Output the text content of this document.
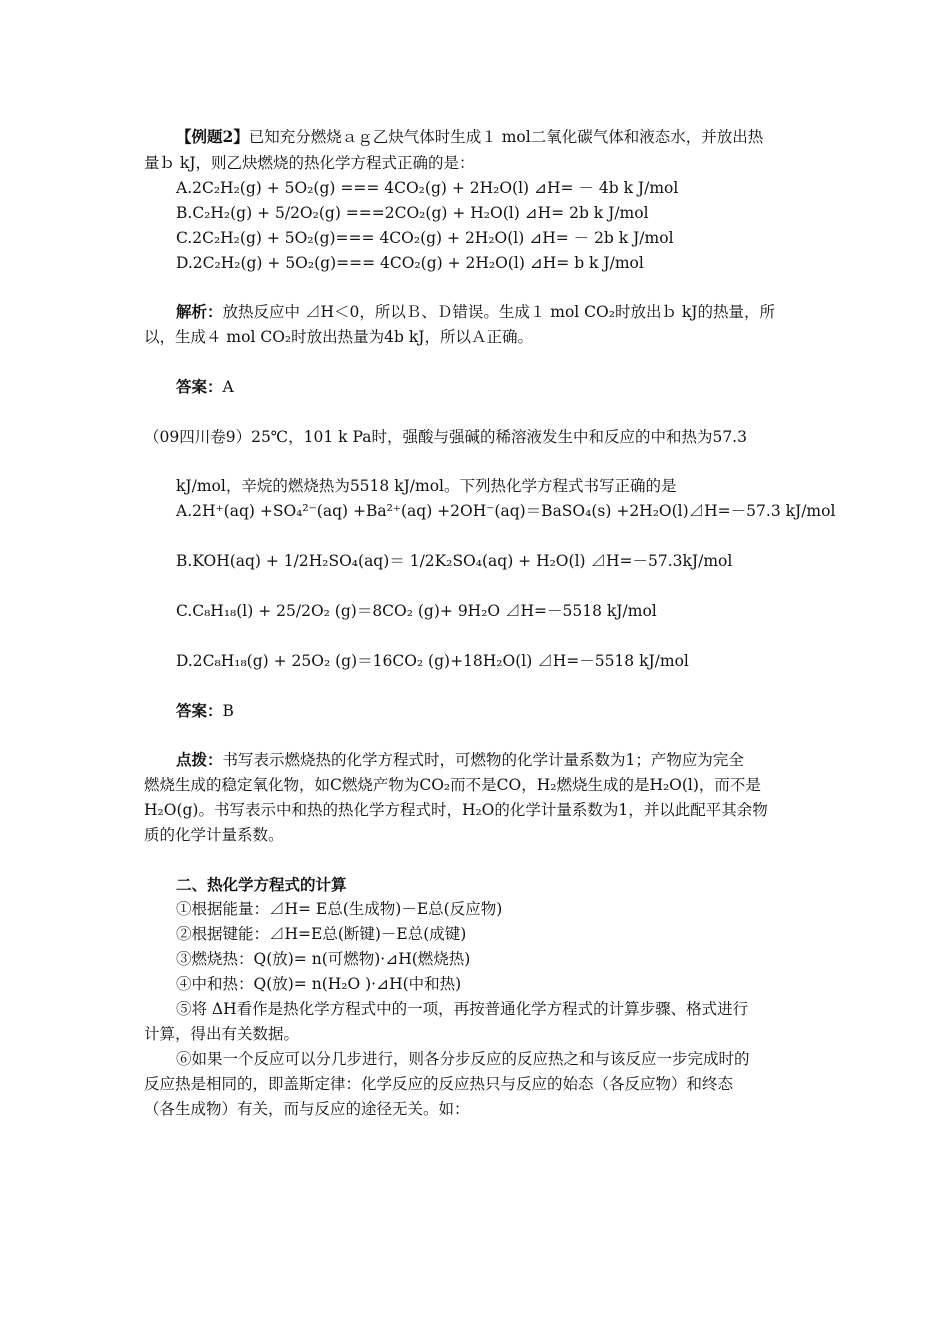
【例题2】已知充分燃烧ａｇ乙炔气体时生成１ mol二氧化碳气体和液态水，并放出热
量ｂ kJ，则乙炔燃烧的热化学方程式正确的是：
A.2C₂H₂(g) + 5O₂(g) === 4CO₂(g) + 2H₂O(l) ⊿H= － 4b k J/mol
B.C₂H₂(g) + 5/2O₂(g) ===2CO₂(g) + H₂O(l) ⊿H= 2b k J/mol
C.2C₂H₂(g) + 5O₂(g)=== 4CO₂(g) + 2H₂O(l) ⊿H= － 2b k J/mol
D.2C₂H₂(g) + 5O₂(g)=== 4CO₂(g) + 2H₂O(l) ⊿H= b k J/mol
解析：放热反应中 ⊿H＜0，所以Ｂ、Ｄ错误。生成１ mol CO₂时放出ｂ kJ的热量，所
以，生成４ mol CO₂时放出热量为4b kJ，所以Ａ正确。
答案：A
（09四川卷9）25℃，101 k Pa时，强酸与强碱的稀溶液发生中和反应的中和热为57.3
kJ/mol，辛烷的燃烧热为5518 kJ/mol。下列热化学方程式书写正确的是
A.2H⁺(aq) +SO₄²⁻(aq) +Ba²⁺(aq) +2OH⁻(aq)＝BaSO₄(s) +2H₂O(l)⊿H=－57.3 kJ/mol
B.KOH(aq) + 1/2H₂SO₄(aq)＝ 1/2K₂SO₄(aq) + H₂O(l) ⊿H=－57.3kJ/mol
C.C₈H₁₈(l) + 25/2O₂ (g)＝8CO₂ (g)+ 9H₂O ⊿H=－5518 kJ/mol
D.2C₈H₁₈(g) + 25O₂ (g)＝16CO₂ (g)+18H₂O(l) ⊿H=－5518 kJ/mol
答案：B
点拨：书写表示燃烧热的化学方程式时，可燃物的化学计量系数为1；产物应为完全
燃烧生成的稳定氧化物，如C燃烧产物为CO₂而不是CO，H₂燃烧生成的是H₂O(l)，而不是
H₂O(g)。书写表示中和热的热化学方程式时，H₂O的化学计量系数为1，并以此配平其余物
质的化学计量系数。
二、热化学方程式的计算
①根据能量：⊿H= E总(生成物)－E总(反应物)
②根据键能：⊿H=E总(断键)－E总(成键)
③燃烧热：Q(放)= n(可燃物)·⊿H(燃烧热)
④中和热：Q(放)= n(H₂O )·⊿H(中和热)
⑤将 ΔH看作是热化学方程式中的一项，再按普通化学方程式的计算步骤、格式进行
计算，得出有关数据。
⑥如果一个反应可以分几步进行，则各分步反应的反应热之和与该反应一步完成时的
反应热是相同的，即盖斯定律：化学反应的反应热只与反应的始态（各反应物）和终态
（各生成物）有关，而与反应的途径无关。如：
